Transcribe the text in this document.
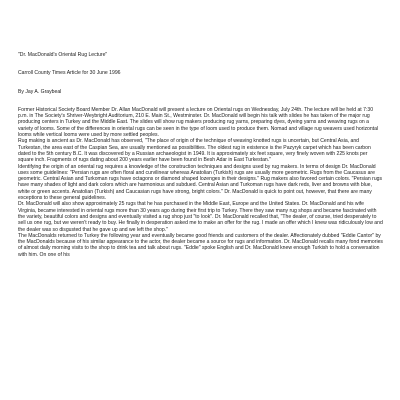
"Dr. MacDonald's Oriental Rug Lecture"

Carroll County Times Article for 30 June 1996

By Jay A. Graybeal

Former Historical Society Board Member Dr. Allan MacDonald will present a lecture on Oriental rugs on Wednesday, July 24th. The lecture will be held at 7:30 p.m. in The Society's Shriver-Weybright Auditorium, 210 E. Main St., Westminster. Dr. MacDonald will begin his talk with slides he has taken of the major rug producing centers in Turkey and the Middle East. The slides will show rug makers producing rug yarns, preparing dyes, dyeing yarns and weaving rugs on a variety of looms. Some of the differences in oriental rugs can be seen in the type of loom used to produce them. Nomad and village rug weavers used horizontal looms while vertical looms were used by more settled peoples.

Rug making is ancient as Dr. MacDonald has observed, "The place of origin of the technique of weaving knotted rugs is uncertain, but Central Asia, and Turkestan, the area east of the Caspian Sea, are usually mentioned as possibilities. The oldest rug in existence is the Pazyryk carpet which has been carbon dated to the 5th century B.C. It was discovered by a Russian archaeologist in 1949. It is approximately six feet square, very finely woven with 225 knots per square inch. Fragments of rugs dating about 200 years earlier have been found in Besh Adar in East Turkestan."

Identifying the origin of an oriental rug requires a knowledge of the construction techniques and designs used by rug makers. In terms of design Dr. MacDonald uses some guidelines: "Persian rugs are often floral and curvilinear whereas Anatolian (Turkish) rugs are usually more geometric. Rugs from the Caucasus are geometric. Central Asian and Turkoman rugs have octagons or diamond shaped lozenges in their designs." Rug makers also favored certain colors. "Persian rugs have many shades of light and dark colors which are harmonious and subdued. Central Asian and Turkoman rugs have dark reds, liver and browns with blue, white or green accents. Anatolian (Turkish) and Caucasian rugs have strong, bright colors." Dr. MacDonald is quick to point out, however, that there are many exceptions to these general guidelines.

Dr. MacDonald will also show approximately 25 rugs that he has purchased in the Middle East, Europe and the United States. Dr. MacDonald and his wife Virginia, became interested in oriental rugs more than 30 years ago during their first trip to Turkey. There they saw many rug shops and became fascinated with the variety, beautiful colors and designs and eventually visited a rug shop just "to look". Dr. MacDonald recalled that, "The dealer, of course, tried desperately to sell us one rug, but we weren't ready to buy. He finally in desperation asked me to make an offer for the rug. I made an offer which I knew was ridiculously low and the dealer was so disgusted that he gave up and we left the shop."

The MacDonalds returned to Turkey the following year and eventually became good friends and customers of the dealer. Affectionately dubbed "Eddie Cantor" by the MacDonalds because of his similar appearance to the actor, the dealer became a source for rugs and information. Dr. MacDonald recalls many fond memories of almost daily morning visits to the shop to drink tea and talk about rugs. "Eddie" spoke English and Dr. MacDonald knew enough Turkish to hold a conversation with him. On one of his
